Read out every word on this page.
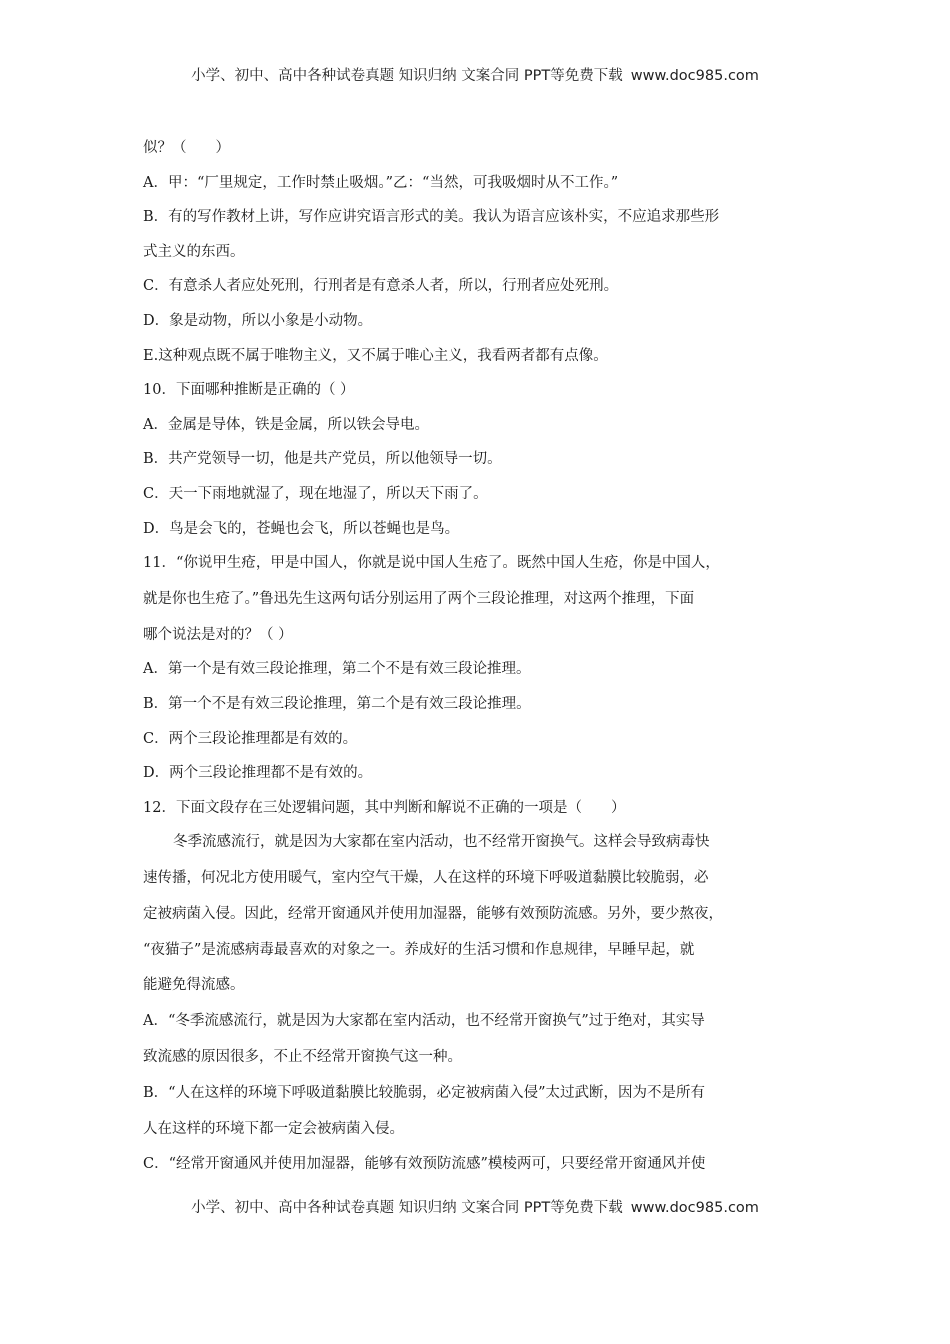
小学、初中、高中各种试卷真题 知识归纳 文案合同 PPT等免费下载 www.doc985.com
似？（　　）
A．甲：“厂里规定，工作时禁止吸烟。”乙：“当然，可我吸烟时从不工作。”
B．有的写作教材上讲，写作应讲究语言形式的美。我认为语言应该朴实，不应追求那些形
式主义的东西。
C．有意杀人者应处死刑，行刑者是有意杀人者，所以，行刑者应处死刑。
D．象是动物，所以小象是小动物。
E.这种观点既不属于唯物主义，又不属于唯心主义，我看两者都有点像。
10．下面哪种推断是正确的（ ）
A．金属是导体，铁是金属，所以铁会导电。
B．共产党领导一切，他是共产党员，所以他领导一切。
C．天一下雨地就湿了，现在地湿了，所以天下雨了。
D．鸟是会飞的，苍蝇也会飞，所以苍蝇也是鸟。
11．“你说甲生疮，甲是中国人，你就是说中国人生疮了。既然中国人生疮，你是中国人，
就是你也生疮了。”鲁迅先生这两句话分别运用了两个三段论推理，对这两个推理，下面
哪个说法是对的？（ ）
A．第一个是有效三段论推理，第二个不是有效三段论推理。
B．第一个不是有效三段论推理，第二个是有效三段论推理。
C．两个三段论推理都是有效的。
D．两个三段论推理都不是有效的。
12．下面文段存在三处逻辑问题，其中判断和解说不正确的一项是（　　）
冬季流感流行，就是因为大家都在室内活动，也不经常开窗换气。这样会导致病毒快
速传播，何况北方使用暖气，室内空气干燥，人在这样的环境下呼吸道黏膜比较脆弱，必
定被病菌入侵。因此，经常开窗通风并使用加湿器，能够有效预防流感。另外，要少熬夜，
“夜猫子”是流感病毒最喜欢的对象之一。养成好的生活习惯和作息规律，早睡早起，就
能避免得流感。
A．“冬季流感流行，就是因为大家都在室内活动，也不经常开窗换气”过于绝对，其实导
致流感的原因很多，不止不经常开窗换气这一种。
B．“人在这样的环境下呼吸道黏膜比较脆弱，必定被病菌入侵”太过武断，因为不是所有
人在这样的环境下都一定会被病菌入侵。
C．“经常开窗通风并使用加湿器，能够有效预防流感”模棱两可，只要经常开窗通风并使
小学、初中、高中各种试卷真题 知识归纳 文案合同 PPT等免费下载 www.doc985.com
